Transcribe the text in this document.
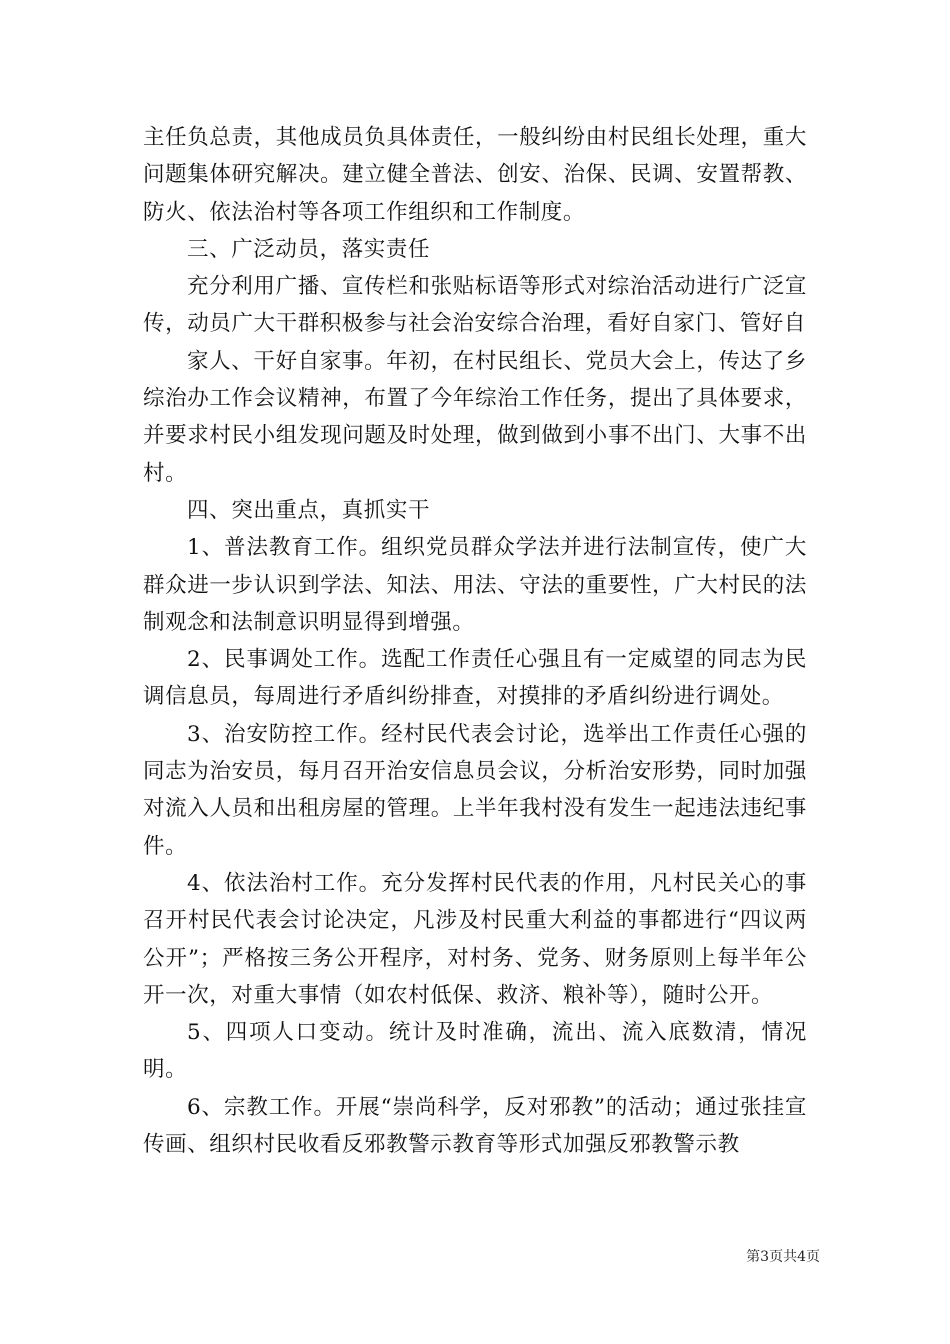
主任负总责，其他成员负具体责任，一般纠纷由村民组长处理，重大问题集体研究解决。建立健全普法、创安、治保、民调、安置帮教、防火、依法治村等各项工作组织和工作制度。

三、广泛动员，落实责任

充分利用广播、宣传栏和张贴标语等形式对综治活动进行广泛宣传，动员广大干群积极参与社会治安综合治理，看好自家门、管好自

家人、干好自家事。年初，在村民组长、党员大会上，传达了乡综治办工作会议精神，布置了今年综治工作任务，提出了具体要求，并要求村民小组发现问题及时处理，做到做到小事不出门、大事不出村。

四、突出重点，真抓实干

1、普法教育工作。组织党员群众学法并进行法制宣传，使广大群众进一步认识到学法、知法、用法、守法的重要性，广大村民的法制观念和法制意识明显得到增强。

2、民事调处工作。选配工作责任心强且有一定威望的同志为民调信息员，每周进行矛盾纠纷排查，对摸排的矛盾纠纷进行调处。

3、治安防控工作。经村民代表会讨论，选举出工作责任心强的同志为治安员，每月召开治安信息员会议，分析治安形势，同时加强对流入人员和出租房屋的管理。上半年我村没有发生一起违法违纪事件。

4、依法治村工作。充分发挥村民代表的作用，凡村民关心的事召开村民代表会讨论决定，凡涉及村民重大利益的事都进行“四议两公开”；严格按三务公开程序，对村务、党务、财务原则上每半年公开一次，对重大事情（如农村低保、救济、粮补等），随时公开。

5、四项人口变动。统计及时准确，流出、流入底数清，情况明。

6、宗教工作。开展“崇尚科学，反对邪教”的活动；通过张挂宣传画、组织村民收看反邪教警示教育等形式加强反邪教警示教

第3页共4页
